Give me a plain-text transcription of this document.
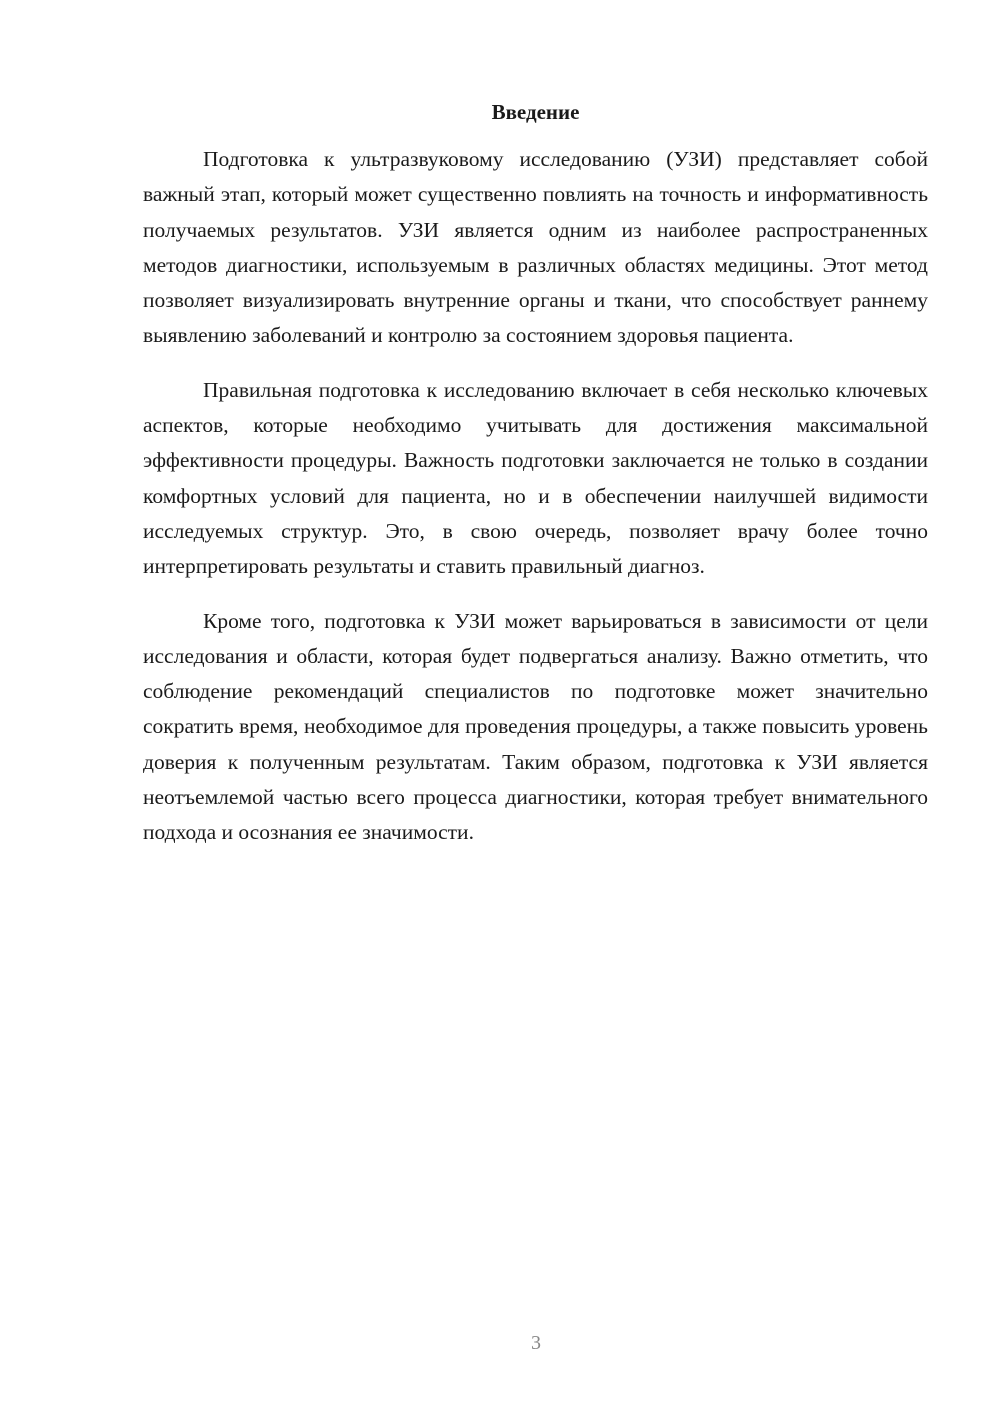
Введение

Подготовка к ультразвуковому исследованию (УЗИ) представляет собой важный этап, который может существенно повлиять на точность и информативность получаемых результатов. УЗИ является одним из наиболее распространенных методов диагностики, используемым в различных областях медицины. Этот метод позволяет визуализировать внутренние органы и ткани, что способствует раннему выявлению заболеваний и контролю за состоянием здоровья пациента.

Правильная подготовка к исследованию включает в себя несколько ключевых аспектов, которые необходимо учитывать для достижения максимальной эффективности процедуры. Важность подготовки заключается не только в создании комфортных условий для пациента, но и в обеспечении наилучшей видимости исследуемых структур. Это, в свою очередь, позволяет врачу более точно интерпретировать результаты и ставить правильный диагноз.

Кроме того, подготовка к УЗИ может варьироваться в зависимости от цели исследования и области, которая будет подвергаться анализу. Важно отметить, что соблюдение рекомендаций специалистов по подготовке может значительно сократить время, необходимое для проведения процедуры, а также повысить уровень доверия к полученным результатам. Таким образом, подготовка к УЗИ является неотъемлемой частью всего процесса диагностики, которая требует внимательного подхода и осознания ее значимости.

3
